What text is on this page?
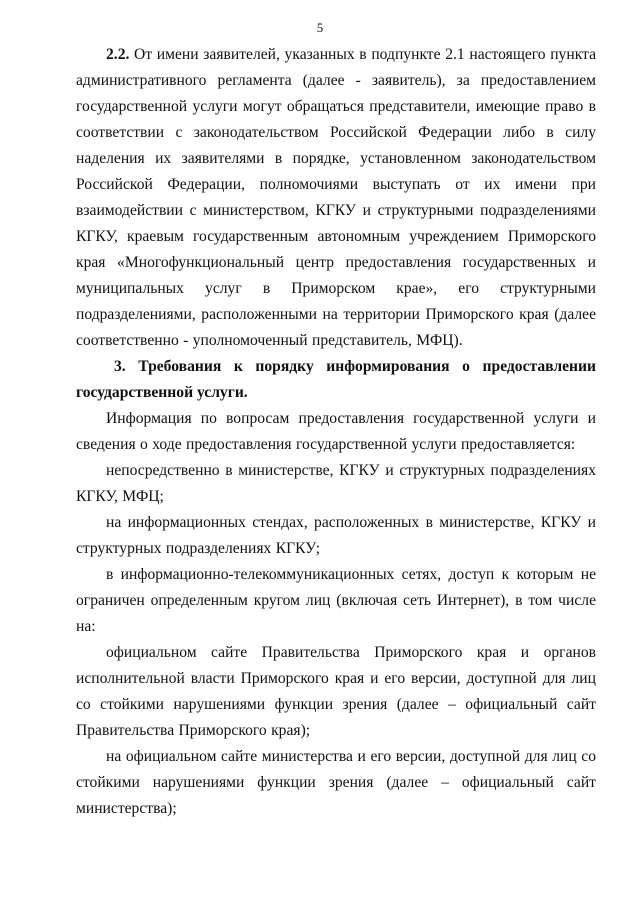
5

2.2. От имени заявителей, указанных в подпункте 2.1 настоящего пункта административного регламента (далее - заявитель), за предоставлением государственной услуги могут обращаться представители, имеющие право в соответствии с законодательством Российской Федерации либо в силу наделения их заявителями в порядке, установленном законодательством Российской Федерации, полномочиями выступать от их имени при взаимодействии с министерством, КГКУ и структурными подразделениями КГКУ, краевым государственным автономным учреждением Приморского края «Многофункциональный центр предоставления государственных и муниципальных услуг в Приморском крае», его структурными подразделениями, расположенными на территории Приморского края (далее соответственно - уполномоченный представитель, МФЦ).

3. Требования к порядку информирования о предоставлении государственной услуги.

Информация по вопросам предоставления государственной услуги и сведения о ходе предоставления государственной услуги предоставляется:

непосредственно в министерстве, КГКУ и структурных подразделениях КГКУ, МФЦ;

на информационных стендах, расположенных в министерстве, КГКУ и структурных подразделениях КГКУ;

в информационно-телекоммуникационных сетях, доступ к которым не ограничен определенным кругом лиц (включая сеть Интернет), в том числе на:

официальном сайте Правительства Приморского края и органов исполнительной власти Приморского края и его версии, доступной для лиц со стойкими нарушениями функции зрения (далее – официальный сайт Правительства Приморского края);

на официальном сайте министерства и его версии, доступной для лиц со стойкими нарушениями функции зрения (далее – официальный сайт министерства);
